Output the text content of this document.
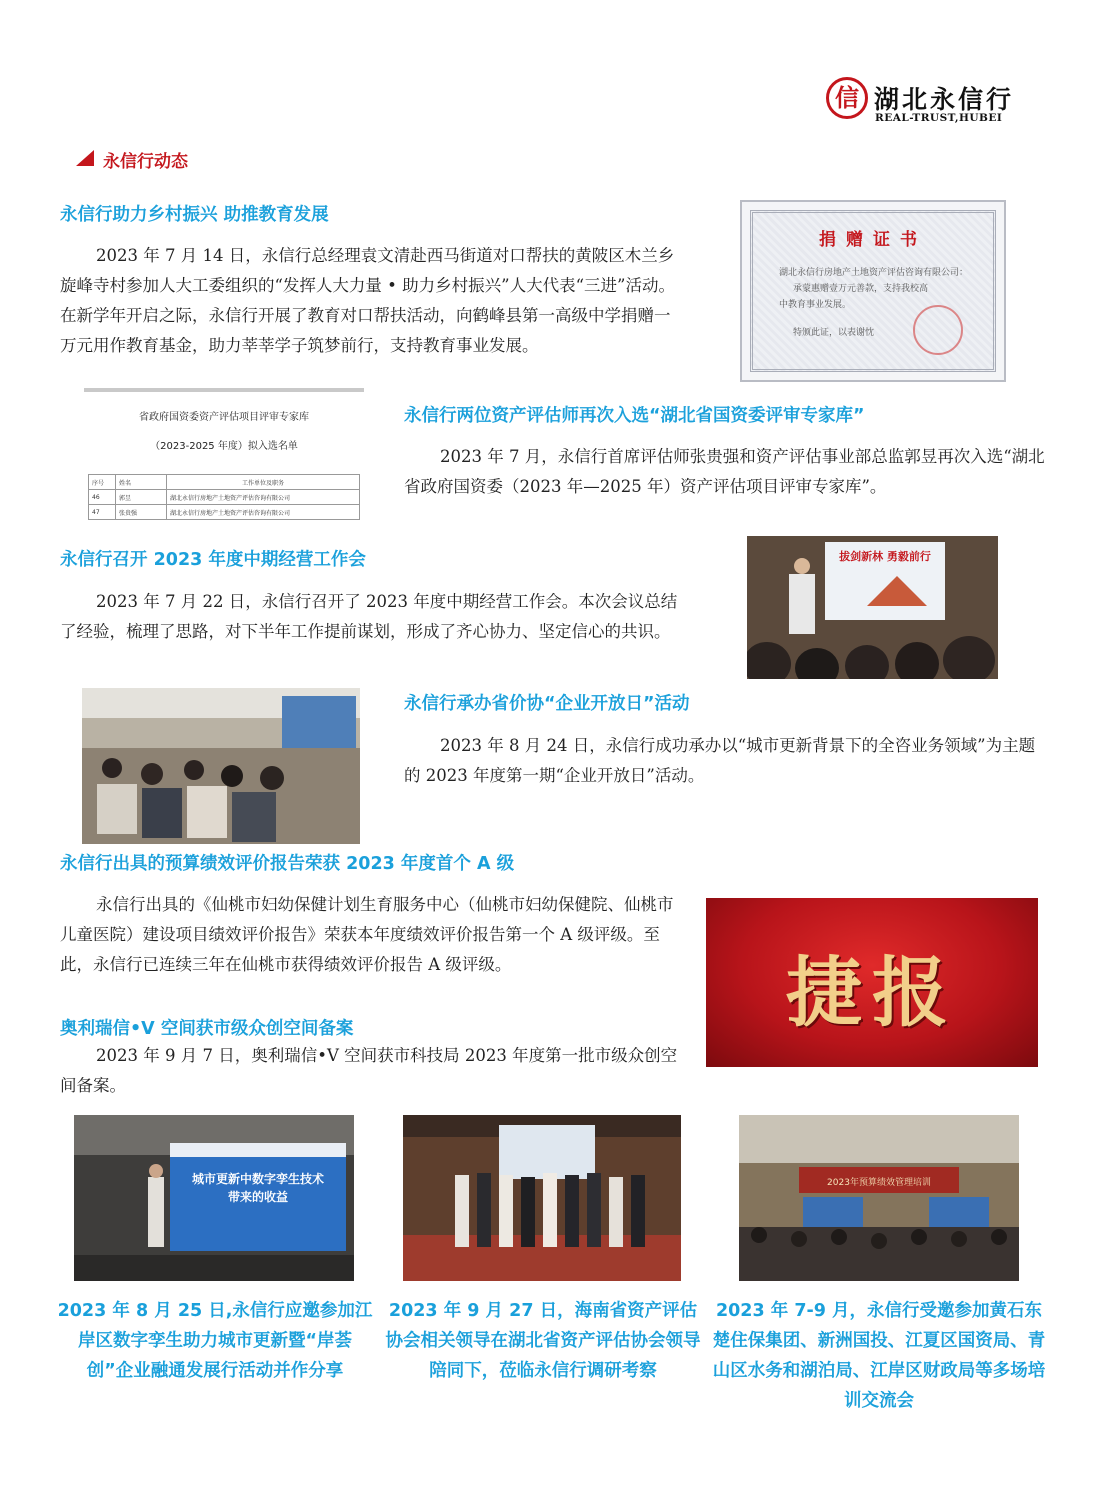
信 湖北永信行
REAL-TRUST,HUBEI
永信行动态
永信行助力乡村振兴 助推教育发展
2023 年 7 月 14 日，永信行总经理袁文清赴西马街道对口帮扶的黄陂区木兰乡旋峰寺村参加人大工委组织的“发挥人大力量 • 助力乡村振兴”人大代表“三进”活动。在新学年开启之际，永信行开展了教育对口帮扶活动，向鹤峰县第一高级中学捐赠一万元用作教育基金，助力莘莘学子筑梦前行，支持教育事业发展。
捐赠证书
湖北永信行房地产土地资产评估咨询有限公司：
承蒙惠赠壹万元善款，支持我校高
中教育事业发展。
特颁此证，以表谢忱
省政府国资委资产评估项目评审专家库
（2023-2025 年度）拟入选名单
序号	姓名	工作单位及职务
46	郭昱	湖北永信行房地产土地资产评估咨询有限公司
47	张贵强	湖北永信行房地产土地资产评估咨询有限公司
永信行两位资产评估师再次入选“湖北省国资委评审专家库”
2023 年 7 月，永信行首席评估师张贵强和资产评估事业部总监郭昱再次入选“湖北省政府国资委（2023 年—2025 年）资产评估项目评审专家库”。
永信行召开 2023 年度中期经营工作会
2023 年 7 月 22 日，永信行召开了 2023 年度中期经营工作会。本次会议总结了经验，梳理了思路，对下半年工作提前谋划，形成了齐心协力、坚定信心的共识。
拔剑新林 勇毅前行
永信行承办省价协“企业开放日”活动
2023 年 8 月 24 日，永信行成功承办以“城市更新背景下的全咨业务领域”为主题的 2023 年度第一期“企业开放日”活动。
永信行出具的预算绩效评价报告荣获 2023 年度首个 A 级
永信行出具的《仙桃市妇幼保健计划生育服务中心（仙桃市妇幼保健院、仙桃市儿童医院）建设项目绩效评价报告》荣获本年度绩效评价报告第一个 A 级评级。至此，永信行已连续三年在仙桃市获得绩效评价报告 A 级评级。	捷报
奥利瑞信•V 空间获市级众创空间备案
2023 年 9 月 7 日，奥利瑞信•V 空间获市科技局 2023 年度第一批市级众创空间备案。
城市更新中数字孪生技术
带来的收益
2023年预算绩效管理培训
2023 年 8 月 25 日,永信行应邀参加江岸区数字孪生助力城市更新暨“岸荟创”企业融通发展行活动并作分享
2023 年 9 月 27 日，海南省资产评估协会相关领导在湖北省资产评估协会领导陪同下，莅临永信行调研考察
2023 年 7-9 月，永信行受邀参加黄石东楚住保集团、新洲国投、江夏区国资局、青山区水务和湖泊局、江岸区财政局等多场培训交流会
